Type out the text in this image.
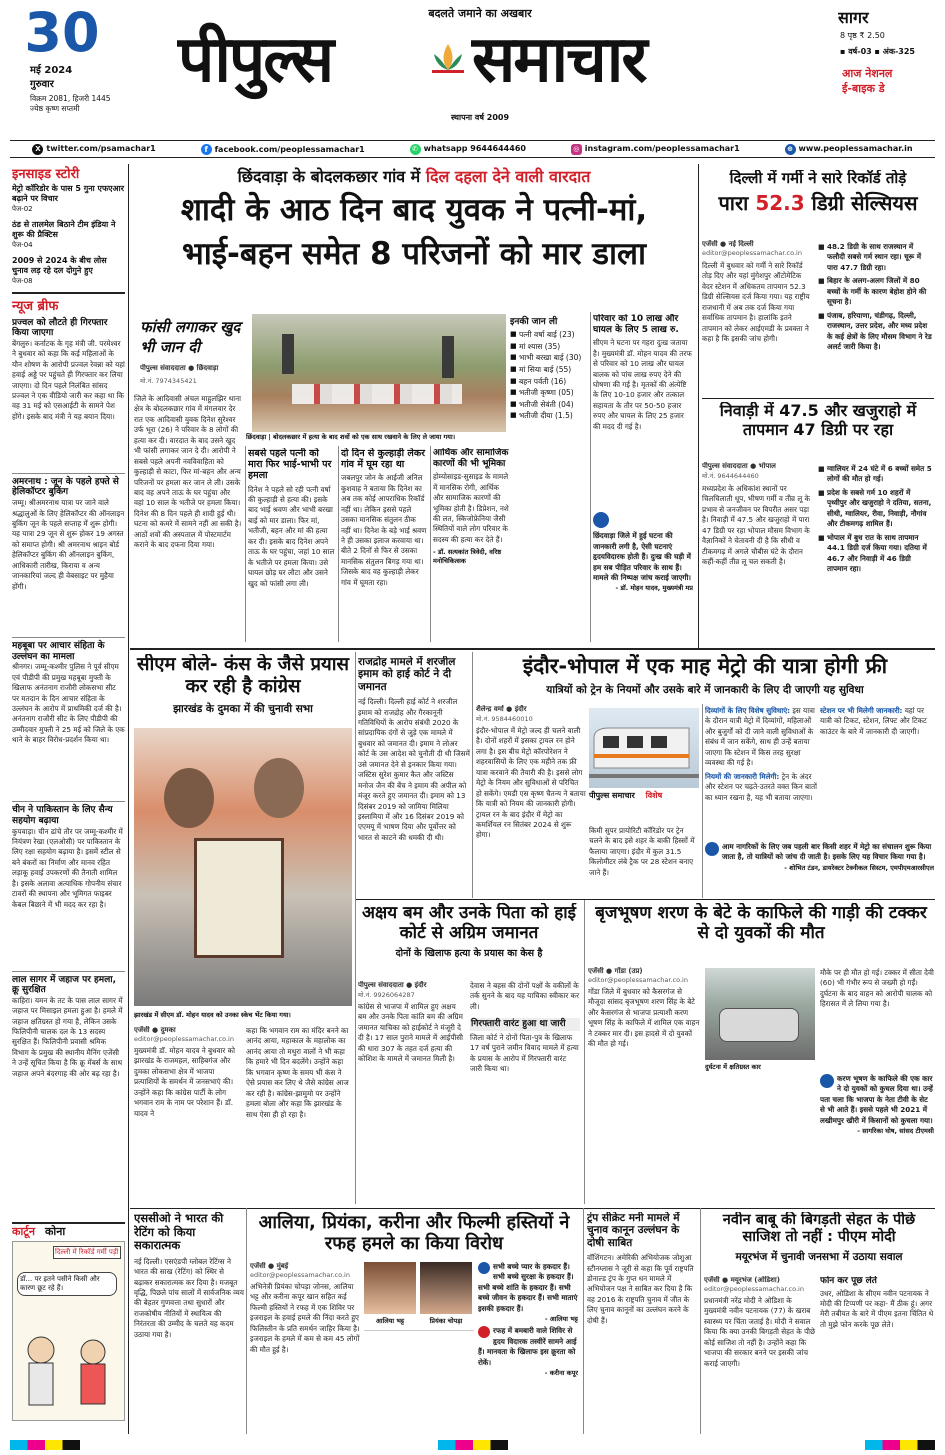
30
मई 2024
गुरुवार
विक्रम 2081, हिजरी 1445
ज्येष्ठ कृष्ण सप्तमी
बदलते जमाने का अखबार
पीपुल्स समाचार
स्थापना वर्ष 2009
सागर
8 पृष्ठ ₹ 2.50
▪ वर्ष-03 ▪ अंक-325
आज नेशनल
ई-बाइक डे
X twitter.com/psamachar1	f facebook.com/peoplessamachar1	✆ whatsapp 9644644460	◎ instagram.com/peoplessamachar1	⊕ www.peoplessamachar.in
इनसाइड स्टोरी
मेट्रो कॉरिडोर के पास 5 गुना एफएआर बढ़ाने पर विचार
पेज-02
ठंड से तालमेल बिठाने टीम इंडिया ने शुरू की प्रैक्टिस
पेज-04
2009 से 2024 के बीच लोस चुनाव लड़ रहे दल दोगुने हुए
पेज-08
न्यूज ब्रीफ
प्रज्वल को लौटते ही गिरफ्तार किया जाएगा
बेंगलुरु। कर्नाटक के गृह मंत्री जी. परमेश्वर ने बुधवार को कहा कि कई महिलाओं के यौन शोषण के आरोपी प्रज्वल रेवन्ना को यहां हवाई अड्डे पर पहुंचते ही गिरफ्तार कर लिया जाएगा। दो दिन पहले निलंबित सांसद प्रज्वल ने एक वीडियो जारी कर कहा था कि वह 31 मई को एसआईटी के सामने पेश होंगे। इसके बाद मंत्री ने यह बयान दिया।
अमरनाथ : जून के पहले हफ्ते से हेलिकॉप्टर बुकिंग
जम्मू। श्रीअमरनाथ यात्रा पर जाने वाले श्रद्धालुओं के लिए हेलिकॉप्टर की ऑनलाइन बुकिंग जून के पहले सप्ताह में शुरू होगी। यह यात्रा 29 जून से शुरू होकर 19 अगस्त को समाप्त होगी। श्री अमरनाथ श्राइन बोर्ड हेलिकॉप्टर बुकिंग की ऑनलाइन बुकिंग, आधिकारी तारीख, किराया व अन्य जानकारियां जल्द ही वेबसाइट पर मुहैया होंगी।
महबूबा पर आचार संहिता के उल्लंघन का मामला
श्रीनगर। जम्मू-कश्मीर पुलिस ने पूर्व सीएम एवं पीडीपी की प्रमुख महबूबा मुफ्ती के खिलाफ अनंतनाग राजौरी लोकसभा सीट पर मतदान के दिन आचार संहिता के उल्लंघन के आरोप में प्राथमिकी दर्ज की है। अनंतनाग राजौरी सीट के लिए पीडीपी की उम्मीदवार मुफ्ती ने 25 मई को जिले के एक थाने के बाहर विरोध-प्रदर्शन किया था।
चीन ने पाकिस्तान के लिए सैन्य सहयोग बढ़ाया
कुपवाड़ा। चीन ढांचे तौर पर जम्मू-कश्मीर में नियंत्रण रेखा (एलओसी) पर पाकिस्तान के लिए रक्षा सहयोग बढ़ाया है। इसमें स्टील से बने बंकरों का निर्माण और मानव रहित लड़ाकू हवाई उपकरणों की तैनाती शामिल है। इसके अलावा अत्याधिक गोपनीय संचार टावरों की स्थापना और भूमिगत फाइबर केबल बिछाने में भी मदद कर रहा है।
लाल सागर में जहाज पर हमला, क्रू सुरक्षित
काहिरा। यमन के तट के पास लाल सागर में जहाज पर मिसाइल हमला हुआ है। हमले में जहाज क्षतिग्रस्त हो गया है, लेकिन उसके फिलिपीनी चालक दल के 13 सदस्य सुरक्षित हैं। फिलिपीनी प्रवासी श्रमिक विभाग के प्रमुख की स्थानीय मैनिंग एजेंसी ने उन्हें सूचित किया है कि क्रू मेंबर्स के साथ जहाज अपने बंदरगाह की ओर बढ़ रहा है।
कार्टून कोना
दिल्ली में रिकॉर्ड गर्मी पड़ी
डॉ... पर इतने पसीने किसी और कारण छूट रहे हैं।
छिंदवाड़ा के बोदलकछार गांव में दिल दहला देने वाली वारदात
शादी के आठ दिन बाद युवक ने पत्नी-मां,
भाई-बहन समेत 8 परिजनों को मार डाला
फांसी लगाकर खुद भी जान दी
पीपुल्स संवाददाता ● छिंदवाड़ा
मो.नं. 7974345421
छिंदवाड़ा | बोदलकछार में हत्या के बाद शवों को एक साथ रखवाने के लिए ले जाया गया।
जिले के आदिवासी अंचल माहुलझिर थाना क्षेत्र के बोदलकछार गांव में मंगलवार देर रात एक आदिवासी युवक दिनेश सुरेश्वर उर्फ भूरा (26) ने परिवार के 8 लोगों की हत्या कर दी। वारदात के बाद उसने खुद भी फांसी लगाकर जान दे दी। आरोपी ने सबसे पहले अपनी नवविवाहिता को कुल्हाड़ी से काटा, फिर मां-बहन और अन्य परिजनों पर हमला कर जान ले ली। उसके बाद वह अपने ताऊ के घर पहुंचा और वहां 10 साल के भतीजे पर हमला किया। दिनेश की 8 दिन पहले ही शादी हुई थी। घटना को कमरे में सामने नहीं आ सकी है। आठों शवों की अस्पताल में पोस्टमार्टम कराने के बाद दफना दिया गया।
सबसे पहले पत्नी को मारा फिर भाई-भाभी पर हमला
दिनेश ने पहले सो रही पत्नी वर्षा की कुल्हाड़ी से हत्या की। इसके बाद भाई श्रवण और भाभी बरखा बाई को मार डाला। फिर मां, भतीजी, बहन और मां की हत्या कर दी। इसके बाद दिनेश अपने ताऊ के घर पहुंचा, जहां 10 साल के भतीजे पर हमला किया। उसे घायल छोड़ घर लौटा और उसने खुद को फांसी लगा ली।
दो दिन से कुल्हाड़ी लेकर गांव में घूम रहा था
जबलपुर जोन के आईजी अनिल कुशवाह ने बताया कि दिनेश का अब तक कोई आपराधिक रिकॉर्ड नहीं था। लेकिन इससे पहले उसका मानसिक संतुलन ठीक नहीं था। दिनेश के बड़े भाई श्रवण ने ही उसका इलाज करवाया था। बीते 2 दिनों से फिर से उसका मानसिक संतुलन बिगड़ गया था। जिसके बाद वह कुल्हाड़ी लेकर गांव में घूमता रहा।
आर्थिक और सामाजिक कारणों की भी भूमिका
होम्योसाइड-सुसाइड के मामले में मानसिक रोगी, आर्थिक और सामाजिक कारणों की भूमिका होती है। डिप्रेशन, नशे की लत, स्किजोफ्रेनिया जैसी स्थितियों वाले लोग परिवार के सदस्य की हत्या कर देते हैं।
- डॉ. सत्यकांत त्रिवेदी, वरिष्ठ मनोचिकित्सक
इनकी जान ली
■ पत्नी वर्षा बाई (23)
■ मां श्यास (35)
■ भाभी बरखा बाई (30)
■ मां सिया बाई (55)
■ बहन पर्वती (16)
■ भतीजी कृष्णा (05)
■ भतीजी सेवंती (04)
■ भतीजी दीया (1.5)
परिवार को 10 लाख और घायल के लिए 5 लाख रु.
सीएम ने घटना पर गहरा दुःख जताया है। मुख्यमंत्री डॉ. मोहन यादव की तरफ से परिवार को 10 लाख और घायल बालक को पांच लाख रुपए देने की घोषणा की गई है। मृतकों की अंत्येष्टि के लिए 10-10 हजार और तत्काल सहायता के तौर पर 50-50 हजार रुपए और घायल के लिए 25 हजार की मदद दी गई है।
छिंदवाड़ा जिले में हुई घटना की जानकारी लगी है, ऐसी घटनाएं हृदयविदारक होती हैं। दुःख की घड़ी में हम सब पीड़ित परिवार के साथ हैं। मामले की निष्पक्ष जांच कराई जाएगी।
- डॉ. मोहन यादव, मुख्यमंत्री मप्र
दिल्ली में गर्मी ने सारे रिकॉर्ड तोड़े
पारा 52.3 डिग्री सेल्सियस
एजेंसी ● नई दिल्ली
editor@peoplessamachar.co.in
दिल्ली में बुधवार को गर्मी ने सारे रिकॉर्ड तोड़ दिए और यहां मुंगेशपुर ऑटोमेटिक वेदर स्टेशन में अधिकतम तापमान 52.3 डिग्री सेल्सियस दर्ज किया गया। यह राष्ट्रीय राजधानी में अब तक दर्ज किया गया सर्वाधिक तापमान है। हालांकि इतने तापमान को लेकर आईएमडी के प्रवक्ता ने कहा है कि इसकी जांच होगी।
■ 48.2 डिग्री के साथ राजस्थान में फलौदी सबसे गर्म स्थान रहा। चूरू में पारा 47.7 डिग्री रहा।
■ बिहार के अलग-अलग जिलों में 80 बच्चों के गर्मी के कारण बेहोश होने की सूचना है।
■ पंजाब, हरियाणा, चंडीगढ़, दिल्ली, राजस्थान, उत्तर प्रदेश, और मध्य प्रदेश के कई क्षेत्रों के लिए मौसम विभाग ने रेड अलर्ट जारी किया है।
निवाड़ी में 47.5 और खजुराहो में तापमान 47 डिग्री पर रहा
पीपुल्स संवाददाता ● भोपाल
मो.नं. 9644644460
मध्यप्रदेश के अधिकांश स्थानों पर चिलचिलाती धूप, भीषण गर्मी व तीव्र लू के प्रभाव से जनजीवन पर विपरीत असर पड़ा है। निवाड़ी में 47.5 और खजुराहो में पारा 47 डिग्री पर रहा भोपाल मौसम विभाग के वैज्ञानिकों ने चेतावनी दी है कि सीधी व टीकमगढ़ में अगले चौबीस घंटे के दौरान कहीं-कहीं तीव्र लू चल सकती है।
■ ग्वालियर में 24 घंटे में 6 बच्चों समेत 5 लोगों की मौत हो गई।
■ प्रदेश के सबसे गर्म 10 शहरों में पृथ्वीपुर और खजुराहो ने दतिया, सतना, सीधी, ग्वालियर, रीवा, निवाड़ी, नौगांव और टीकमगढ़ शामिल हैं।
■ भोपाल में बुध रात के साथ तापमान 44.1 डिग्री दर्ज किया गया। दतिया में 46.7 और निवाड़ी में 46 डिग्री तापमान रहा।
सीएम बोले- कंस के जैसे प्रयास कर रही है कांग्रेस
झारखंड के दुमका में की चुनावी सभा
झारखंड में सीएम डॉ. मोहन यादव को उनका स्केच भेंट किया गया।
एजेंसी ● दुमका
editor@peoplessamachar.co.in
मुख्यमंत्री डॉ. मोहन यादव ने बुधवार को झारखंड के राजमहल, साहिबगंज और दुमका लोकसभा क्षेत्र में भाजपा प्रत्याशियों के समर्थन में जनसभाएं की। उन्होंने कहा कि कांग्रेस पार्टी के लोग भगवान राम के नाम पर परेशान हैं। डॉ. यादव ने
कहा कि भगवान राम का मंदिर बनने का आनंद आया, महाकाल के महालोक का आनंद आया तो मथुरा वालों ने भी कहा कि हमारे भी दिन बदलेंगे। उन्होंने कहा कि भगवान कृष्ण के समय भी कंस ने ऐसे प्रयास कर लिए थे जैसे कांग्रेस आज कर रही है। कांग्रेस-झामुमो पर उन्होंने हमला बोला और कहा कि झारखंड के साथ ऐसा ही हो रहा है।
राजद्रोह मामले में शरजील इमाम को हाई कोर्ट ने दी जमानत
नई दिल्ली। दिल्ली हाई कोर्ट ने शरजील इमाम को राजद्रोह और गैरकानूनी गतिविधियों के आरोप संबंधी 2020 के सांप्रदायिक दंगों से जुड़े एक मामले में बुधवार को जमानत दी। इमाम ने लोअर कोर्ट के उस आदेश को चुनौती दी थी जिसमें उसे जमानत देने से इनकार किया गया। जस्टिस सुरेश कुमार कैत और जस्टिस मनोज जैन की बेंच ने इमाम की अपील को मंजूर करते हुए जमानत दी। इमाम को 13 दिसंबर 2019 को जामिया मिलिया इस्लामिया में और 16 दिसंबर 2019 को एएमयू में भाषण दिया और पूर्वोत्तर को भारत से काटने की धमकी दी थी।
इंदौर-भोपाल में एक माह मेट्रो की यात्रा होगी फ्री
यात्रियों को ट्रेन के नियमों और उसके बारे में जानकारी के लिए दी जाएगी यह सुविधा
शैलेन्द्र वर्मा ● इंदौर
मो.नं. 9584460010
इंदौर-भोपाल में मेट्रो जल्द ही चलने वाली है। दोनों शहरों में इसका ट्रायल रन होने लगा है। इस बीच मेट्रो कॉरपोरेशन ने शहरवासियों के लिए एक महीने तक फ्री यात्रा करवाने की तैयारी की है। इससे लोग मेट्रो के नियम और सुविधाओं से परिचित हो सकेंगे। एमडी एस कृष्ण चैतन्य ने बताया कि यात्री को नियम की जानकारी होगी। ट्रायल रन के बाद इंदौर में मेट्रो का कमर्शियल रन सितंबर 2024 से शुरू होगा।
पीपुल्स समाचार विशेष
किमी सुपर प्रायोरिटी कॉरिडोर पर ट्रेन चलने के बाद इसे शहर के बाकी हिस्सों में फैलाया जाएगा। इंदौर में कुल 31.5 किलोमीटर लंबे ट्रैक पर 28 स्टेशन बनाए जाने हैं।
दिव्यांगों के लिए विशेष सुविधाएं: इस यात्रा के दौरान यात्री मेट्रो में दिव्यांगों, महिलाओं और बुजुर्गों को दी जाने वाली सुविधाओं के संबंध में जान सकेंगे, साथ ही उन्हें बताया जाएगा कि स्टेशन में किस तरह सुरक्षा व्यवस्था की गई है।
नियमों की जानकारी मिलेगी: ट्रेन के अंदर और स्टेशन पर चढ़ते-उतरते वक्त किन बातों का ध्यान रखना है, यह भी बताया जाएगा।
स्टेशन पर भी मिलेगी जानकारी: यहां पर यात्री को टिकट, स्टेशन, लिफ्ट और टिकट काउंटर के बारे में जानकारी दी जाएगी।
आम नागरिकों के लिए जब पहली बार किसी शहर में मेट्रो का संचालन शुरू किया जाता है, तो यात्रियों को जांच दी जाती है। इसके लिए यह विचार किया गया है।
- शोभित टंडन, डायरेक्टर टेक्नीकल सिस्टम, एमपीएमआरसीएल
अक्षय बम और उनके पिता को हाई कोर्ट से अग्रिम जमानत
दोनों के खिलाफ हत्या के प्रयास का केस है
पीपुल्स संवाददाता ● इंदौर
मो.नं. 9926064287
कांग्रेस से भाजपा में शामिल हुए अक्षय बम और उनके पिता कांति बम की अग्रिम जमानत याचिका को हाईकोर्ट ने मंजूरी दे दी है। 17 साल पुराने मामले में आईपीसी की धारा 307 के तहत दर्ज हत्या की कोशिश के मामले में जमानत मिली है।
देवास ने बहस की दोनों पक्षों के वकीलों के तर्क सुनने के बाद यह याचिका स्वीकार कर ली।
गिरफ्तारी वारंट हुआ था जारी
जिला कोर्ट ने दोनों पिता-पुत्र के खिलाफ 17 वर्ष पुराने जमीन विवाद मामले में हत्या के प्रयास के आरोप में गिरफ्तारी वारंट जारी किया था।
बृजभूषण शरण के बेटे के काफिले की गाड़ी की टक्कर से दो युवकों की मौत
एजेंसी ● गोंडा (उप्र)
editor@peoplessamachar.co.in
गोंडा जिले में बुधवार को कैसरगंज से मौजूदा सांसद बृजभूषण शरण सिंह के बेटे और कैसरगंज से भाजपा प्रत्याशी करण भूषण सिंह के काफिले में शामिल एक वाहन ने टक्कर मार दी। इस हादसे में दो युवकों की मौत हो गई।
दुर्घटना में क्षतिग्रस्त कार
मौके पर ही मौत हो गई। टक्कर में सीता देवी (60) भी गंभीर रूप से जख्मी हो गईं। दुर्घटना के बाद वाहन को आरोपी चालक को हिरासत में ले लिया गया है।
करण भूषण के काफिले की एक कार ने दो युवकों को कुचल दिया था। उन्हें पता चला कि भाजपा के नेता टीवी के सेट से भी आते हैं। इससे पहले भी 2021 में लखीमपुर खीरी में किसानों को कुचला गया।
- सागरिका घोष, सांसद टीएमसी
एससीओ ने भारत की रेटिंग को किया सकारात्मक
नई दिल्ली। एसएंडपी ग्लोबल रेटिंग्स ने भारत की साख (रेटिंग) को स्थिर से बढ़ाकर सकारात्मक कर दिया है। मजबूत वृद्धि, पिछले पांच सालों में सार्वजनिक व्यय की बेहतर गुणवत्ता तथा सुधारों और राजकोषीय नीतियों में स्थायित्व की निरंतरता की उम्मीद के चलते यह कदम उठाया गया है।
आलिया, प्रियंका, करीना और फिल्मी हस्तियों ने रफह हमले का किया विरोध
एजेंसी ● मुंबई
editor@peoplessamachar.co.in
अभिनेत्री प्रियंका चोपड़ा जोनस, आलिया भट्ट और करीना कपूर खान सहित कई फिल्मी हस्तियों ने रफह में एक शिविर पर इजराइल के हवाई हमले की निंदा करते हुए फिलिस्तीन के प्रति समर्थन जाहिर किया है। इजराइल के हमले में कम से कम 45 लोगों की मौत हुई है।
आलिया भट्ट	प्रियंका चोपड़ा
सभी बच्चे प्यार के हकदार हैं। सभी बच्चे सुरक्षा के हकदार हैं। सभी बच्चे शांति के हकदार हैं। सभी बच्चे जीवन के हकदार हैं। सभी माताएं इसकी हकदार हैं।
- आलिया भट्ट
रफह में बमबारी वाले शिविर से हृदय विदारक तस्वीरें सामने आई हैं। मानवता के खिलाफ इस क्रूरता को रोकें।
- करीना कपूर
ट्रंप सीक्रेट मनी मामले में चुनाव कानून उल्लंघन के दोषी साबित
वॉशिंगटन। अमेरिकी अभियोजक जोशुआ स्टीनग्लास ने जूरी से कहा कि पूर्व राष्ट्रपति डोनाल्ड ट्रंप के गुप्त धन मामले में अभियोजन पक्ष ने साबित कर दिया है कि वह 2016 के राष्ट्रपति चुनाव में जीत के लिए चुनाव कानूनों का उल्लंघन करने के दोषी हैं।
नवीन बाबू की बिगड़ती सेहत के पीछे साजिश तो नहीं : पीएम मोदी
मयूरभंज में चुनावी जनसभा में उठाया सवाल
एजेंसी ● मयूरभंज (ओडिशा)
editor@peoplessamachar.co.in
प्रधानमंत्री नरेंद्र मोदी ने ओडिशा के मुख्यमंत्री नवीन पटनायक (77) के खराब स्वास्थ्य पर चिंता जताई है। मोदी ने सवाल किया कि क्या उनकी बिगड़ती सेहत के पीछे कोई साजिश तो नहीं है। उन्होंने कहा कि भाजपा की सरकार बनने पर इसकी जांच कराई जाएगी।
फोन कर पूछ लेते
उधर, ओडिशा के सीएम नवीन पटनायक ने मोदी की टिप्पणी पर कहा- मैं ठीक हूं। अगर मेरी तबीयत के बारे में पीएम इतना चिंतित थे तो मुझे फोन करके पूछ लेते।
